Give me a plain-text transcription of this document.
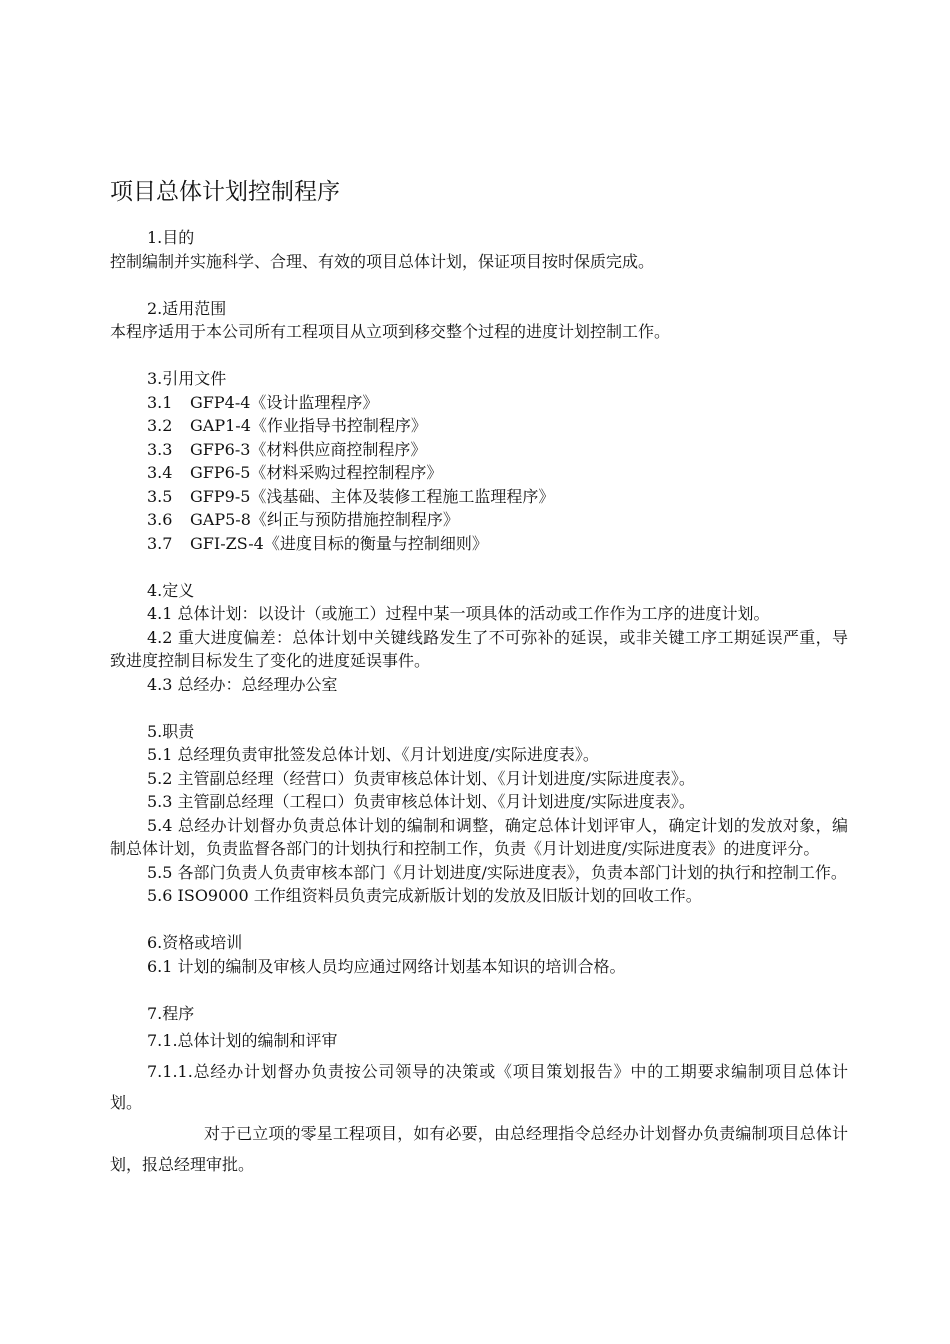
项目总体计划控制程序

1.目的

控制编制并实施科学、合理、有效的项目总体计划，保证项目按时保质完成。

2.适用范围

本程序适用于本公司所有工程项目从立项到移交整个过程的进度计划控制工作。

3.引用文件

3.1 GFP4-4《设计监理程序》

3.2 GAP1-4《作业指导书控制程序》

3.3 GFP6-3《材料供应商控制程序》

3.4 GFP6-5《材料采购过程控制程序》

3.5 GFP9-5《浅基础、主体及装修工程施工监理程序》

3.6 GAP5-8《纠正与预防措施控制程序》

3.7 GFI-ZS-4《进度目标的衡量与控制细则》

4.定义

4.1 总体计划：以设计（或施工）过程中某一项具体的活动或工作作为工序的进度计划。

4.2 重大进度偏差：总体计划中关键线路发生了不可弥补的延误，或非关键工序工期延误严重，导致进度控制目标发生了变化的进度延误事件。

4.3 总经办：总经理办公室

5.职责

5.1 总经理负责审批签发总体计划、《月计划进度/实际进度表》。

5.2 主管副总经理（经营口）负责审核总体计划、《月计划进度/实际进度表》。

5.3 主管副总经理（工程口）负责审核总体计划、《月计划进度/实际进度表》。

5.4 总经办计划督办负责总体计划的编制和调整，确定总体计划评审人，确定计划的发放对象，编制总体计划，负责监督各部门的计划执行和控制工作，负责《月计划进度/实际进度表》的进度评分。

5.5 各部门负责人负责审核本部门《月计划进度/实际进度表》，负责本部门计划的执行和控制工作。

5.6 ISO9000 工作组资料员负责完成新版计划的发放及旧版计划的回收工作。

6.资格或培训

6.1 计划的编制及审核人员均应通过网络计划基本知识的培训合格。

7.程序

7.1.总体计划的编制和评审

7.1.1.总经办计划督办负责按公司领导的决策或《项目策划报告》中的工期要求编制项目总体计划。

对于已立项的零星工程项目，如有必要，由总经理指令总经办计划督办负责编制项目总体计划，报总经理审批。
